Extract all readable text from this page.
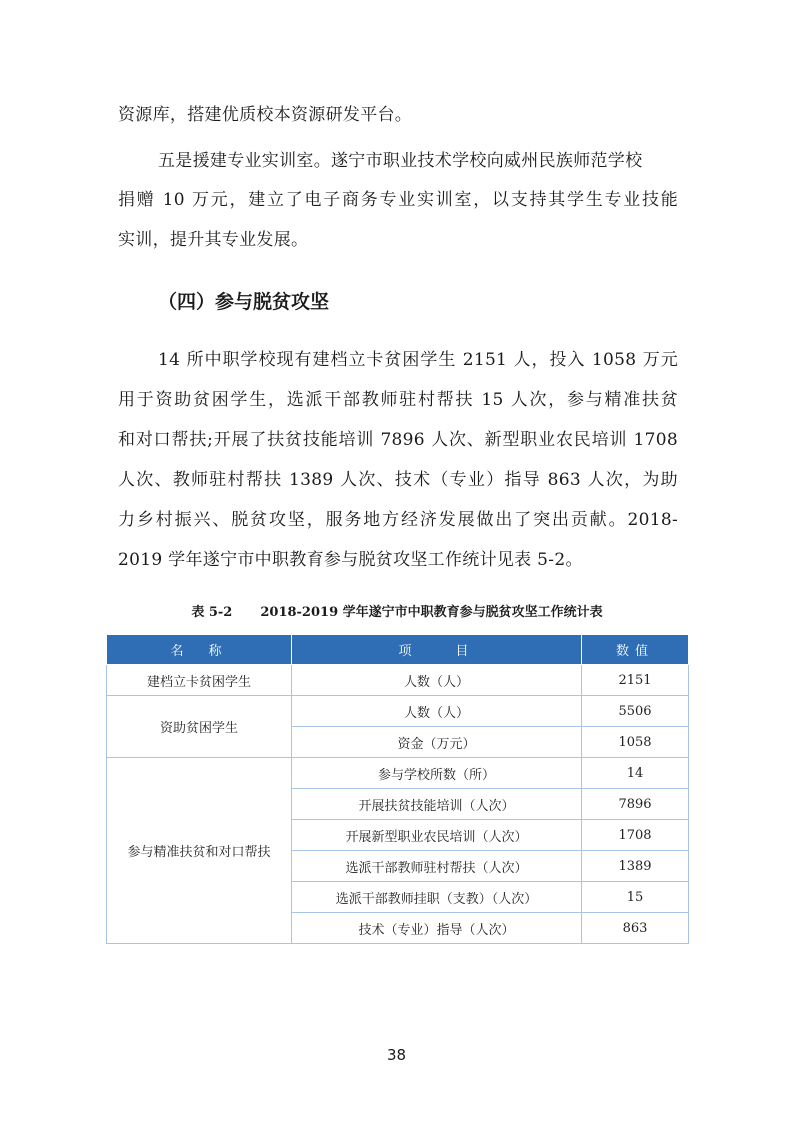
资源库，搭建优质校本资源研发平台。
五是援建专业实训室。遂宁市职业技术学校向威州民族师范学校
捐赠 10 万元，建立了电子商务专业实训室，以支持其学生专业技能
实训，提升其专业发展。
（四）参与脱贫攻坚
14 所中职学校现有建档立卡贫困学生 2151 人，投入 1058 万元
用于资助贫困学生，选派干部教师驻村帮扶 15 人次，参与精准扶贫
和对口帮扶;开展了扶贫技能培训 7896 人次、新型职业农民培训 1708
人次、教师驻村帮扶 1389 人次、技术（专业）指导 863 人次，为助
力乡村振兴、脱贫攻坚，服务地方经济发展做出了突出贡献。2018-
2019 学年遂宁市中职教育参与脱贫攻坚工作统计见表 5-2。
表 5-2 2018-2019 学年遂宁市中职教育参与脱贫攻坚工作统计表
名　称	项　　目	数值
建档立卡贫困学生	人数（人）	2151
资助贫困学生	人数（人）	5506
	资金（万元）	1058
参与精准扶贫和对口帮扶	参与学校所数（所）	14
	开展扶贫技能培训（人次）	7896
	开展新型职业农民培训（人次）	1708
	选派干部教师驻村帮扶（人次）	1389
	选派干部教师挂职（支教）（人次）	15
	技术（专业）指导（人次）	863
38
